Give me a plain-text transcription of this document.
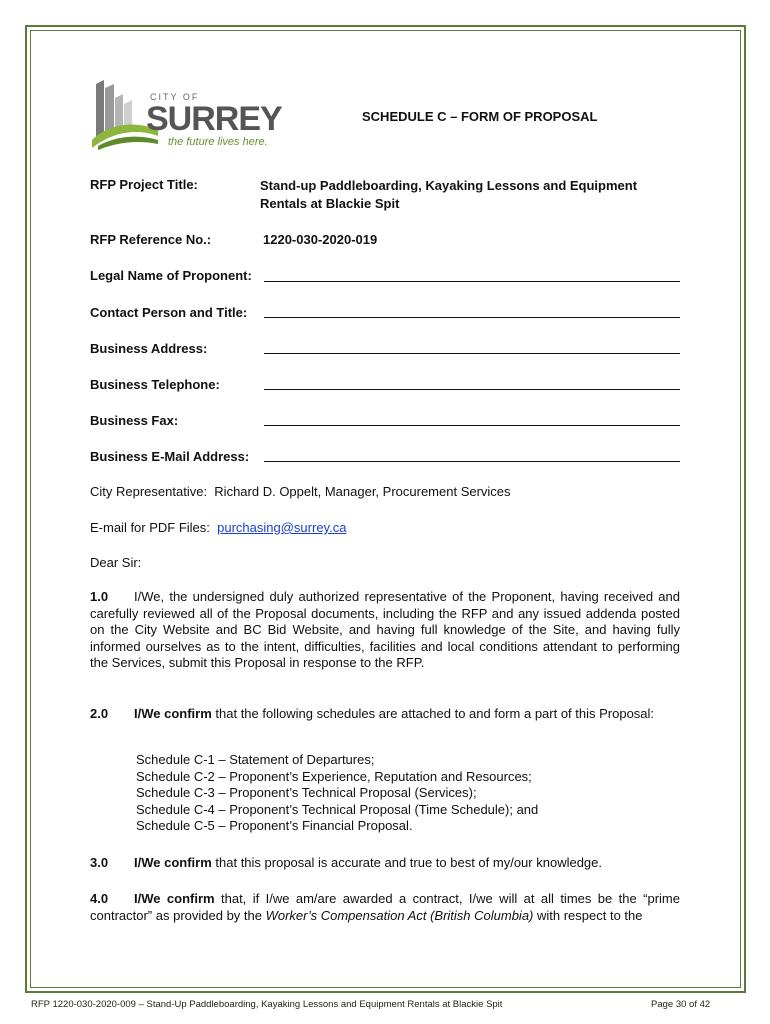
CITY OF
SURREY
the future lives here.
SCHEDULE C – FORM OF PROPOSAL
RFP Project Title:	Stand-up Paddleboarding, Kayaking Lessons and Equipment Rentals at Blackie Spit
RFP Reference No.:	1220-030-2020-019
Legal Name of Proponent:
Contact Person and Title:
Business Address:
Business Telephone:
Business Fax:
Business E-Mail Address:
City Representative: Richard D. Oppelt, Manager, Procurement Services
E-mail for PDF Files: purchasing@surrey.ca
Dear Sir:
1.0 I/We, the undersigned duly authorized representative of the Proponent, having received and carefully reviewed all of the Proposal documents, including the RFP and any issued addenda posted on the City Website and BC Bid Website, and having full knowledge of the Site, and having fully informed ourselves as to the intent, difficulties, facilities and local conditions attendant to performing the Services, submit this Proposal in response to the RFP.
2.0 I/We confirm that the following schedules are attached to and form a part of this Proposal:
Schedule C-1 – Statement of Departures;
Schedule C-2 – Proponent’s Experience, Reputation and Resources;
Schedule C-3 – Proponent’s Technical Proposal (Services);
Schedule C-4 – Proponent’s Technical Proposal (Time Schedule); and
Schedule C-5 – Proponent’s Financial Proposal.
3.0 I/We confirm that this proposal is accurate and true to best of my/our knowledge.
4.0 I/We confirm that, if I/we am/are awarded a contract, I/we will at all times be the “prime contractor” as provided by the Worker’s Compensation Act (British Columbia) with respect to the
RFP 1220-030-2020-009 – Stand-Up Paddleboarding, Kayaking Lessons and Equipment Rentals at Blackie Spit	Page 30 of 42
